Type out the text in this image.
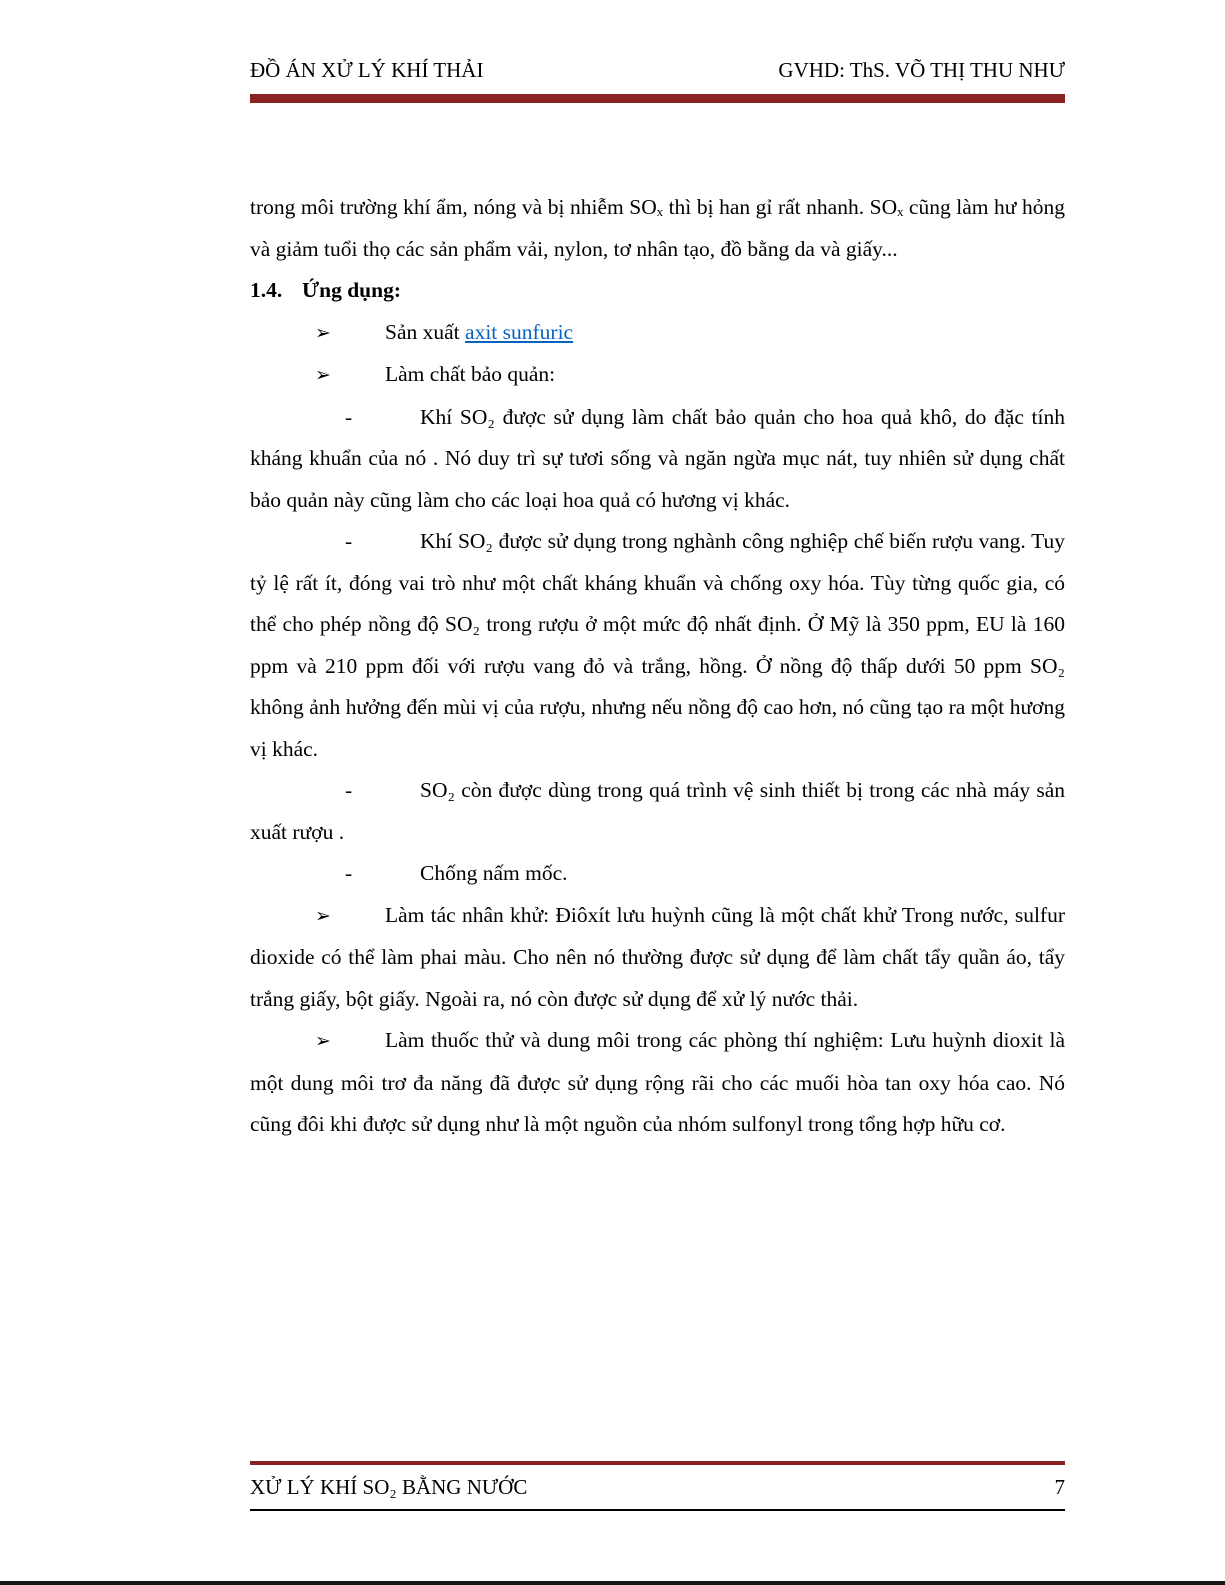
ĐỒ ÁN XỬ LÝ KHÍ THẢI	GVHD: ThS. VÕ THỊ THU NHƯ

trong môi trường khí ẩm, nóng và bị nhiễm SOₓ thì bị han gỉ rất nhanh. SOₓ cũng làm hư hỏng và giảm tuổi thọ các sản phẩm vải, nylon, tơ nhân tạo, đồ bằng da và giấy...

1.4. Ứng dụng:

➢	Sản xuất axit sunfuric

➢	Làm chất bảo quản:

-	Khí SO₂ được sử dụng làm chất bảo quản cho hoa quả khô, do đặc tính kháng khuẩn của nó . Nó duy trì sự tươi sống và ngăn ngừa mục nát, tuy nhiên sử dụng chất bảo quản này cũng làm cho các loại hoa quả có hương vị khác.

-	Khí SO₂ được sử dụng trong nghành công nghiệp chế biến rượu vang. Tuy tỷ lệ rất ít, đóng vai trò như một chất kháng khuẩn và chống oxy hóa. Tùy từng quốc gia, có thể cho phép nồng độ SO₂ trong rượu ở một mức độ nhất định. Ở Mỹ là 350 ppm, EU là 160 ppm và 210 ppm đối với rượu vang đỏ và trắng, hồng. Ở nồng độ thấp dưới 50 ppm SO₂ không ảnh hưởng đến mùi vị của rượu, nhưng nếu nồng độ cao hơn, nó cũng tạo ra một hương vị khác.

-	SO₂ còn được dùng trong quá trình vệ sinh thiết bị trong các nhà máy sản xuất rượu .

-	Chống nấm mốc.

➢	Làm tác nhân khử: Điôxít lưu huỳnh cũng là một chất khử Trong nước, sulfur dioxide có thể làm phai màu. Cho nên nó thường được sử dụng để làm chất tẩy quần áo, tẩy trắng giấy, bột giấy. Ngoài ra, nó còn được sử dụng để xử lý nước thải.

➢	Làm thuốc thử và dung môi trong các phòng thí nghiệm: Lưu huỳnh dioxit là một dung môi trơ đa năng đã được sử dụng rộng rãi cho các muối hòa tan oxy hóa cao. Nó cũng đôi khi được sử dụng như là một nguồn của nhóm sulfonyl trong tổng hợp hữu cơ.

XỬ LÝ KHÍ SO₂ BẰNG NƯỚC	7
